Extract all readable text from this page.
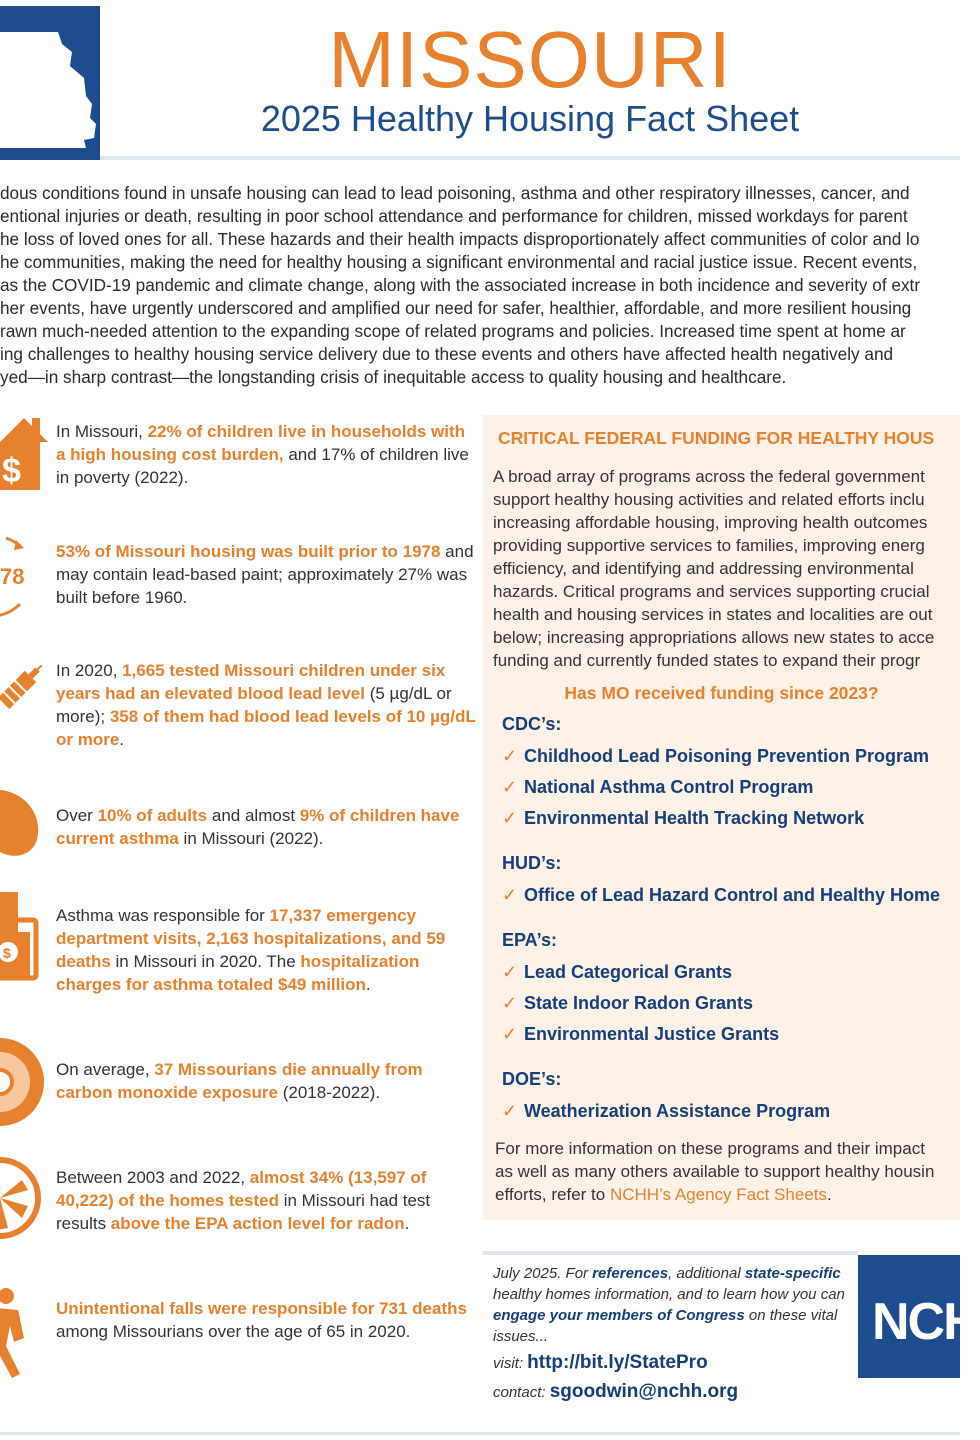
MISSOURI
2025 Healthy Housing Fact Sheet
dous conditions found in unsafe housing can lead to lead poisoning, asthma and other respiratory illnesses, cancer, and
entional injuries or death, resulting in poor school attendance and performance for children, missed workdays for parent
he loss of loved ones for all. These hazards and their health impacts disproportionately affect communities of color and lo
he communities, making the need for healthy housing a significant environmental and racial justice issue. Recent events,
as the COVID-19 pandemic and climate change, along with the associated increase in both incidence and severity of extr
her events, have urgently underscored and amplified our need for safer, healthier, affordable, and more resilient housing
rawn much-needed attention to the expanding scope of related programs and policies. Increased time spent at home ar
ing challenges to healthy housing service delivery due to these events and others have affected health negatively and
yed—in sharp contrast—the longstanding crisis of inequitable access to quality housing and healthcare.
$
78
$
In Missouri, 22% of children live in households with a high housing cost burden, and 17% of children live in poverty (2022).
53% of Missouri housing was built prior to 1978 and may contain lead-based paint; approximately 27% was built before 1960.
In 2020, 1,665 tested Missouri children under six years had an elevated blood lead level (5 µg/dL or more); 358 of them had blood lead levels of 10 µg/dL or more.
Over 10% of adults and almost 9% of children have current asthma in Missouri (2022).
Asthma was responsible for 17,337 emergency department visits, 2,163 hospitalizations, and 59 deaths in Missouri in 2020. The hospitalization charges for asthma totaled $49 million.
On average, 37 Missourians die annually from carbon monoxide exposure (2018-2022).
Between 2003 and 2022, almost 34% (13,597 of 40,222) of the homes tested in Missouri had test results above the EPA action level for radon.
Unintentional falls were responsible for 731 deaths among Missourians over the age of 65 in 2020.
CRITICAL FEDERAL FUNDING FOR HEALTHY HOUS
A broad array of programs across the federal government
support healthy housing activities and related efforts inclu
increasing affordable housing, improving health outcomes
providing supportive services to families, improving energ
efficiency, and identifying and addressing environmental
hazards. Critical programs and services supporting crucial
health and housing services in states and localities are out
below; increasing appropriations allows new states to acce
funding and currently funded states to expand their progr
Has MO received funding since 2023?
CDC’s:
✓ Childhood Lead Poisoning Prevention Program
✓ National Asthma Control Program
✓ Environmental Health Tracking Network
HUD’s:
✓ Office of Lead Hazard Control and Healthy Home
EPA’s:
✓ Lead Categorical Grants
✓ State Indoor Radon Grants
✓ Environmental Justice Grants
DOE’s:
✓ Weatherization Assistance Program
For more information on these programs and their impact
as well as many others available to support healthy housin
efforts, refer to NCHH’s Agency Fact Sheets.
July 2025. For references, additional state-specific healthy homes information, and to learn how you can engage your members of Congress on these vital issues...
visit: http://bit.ly/StatePro
contact: sgoodwin@nchh.org
NCH
